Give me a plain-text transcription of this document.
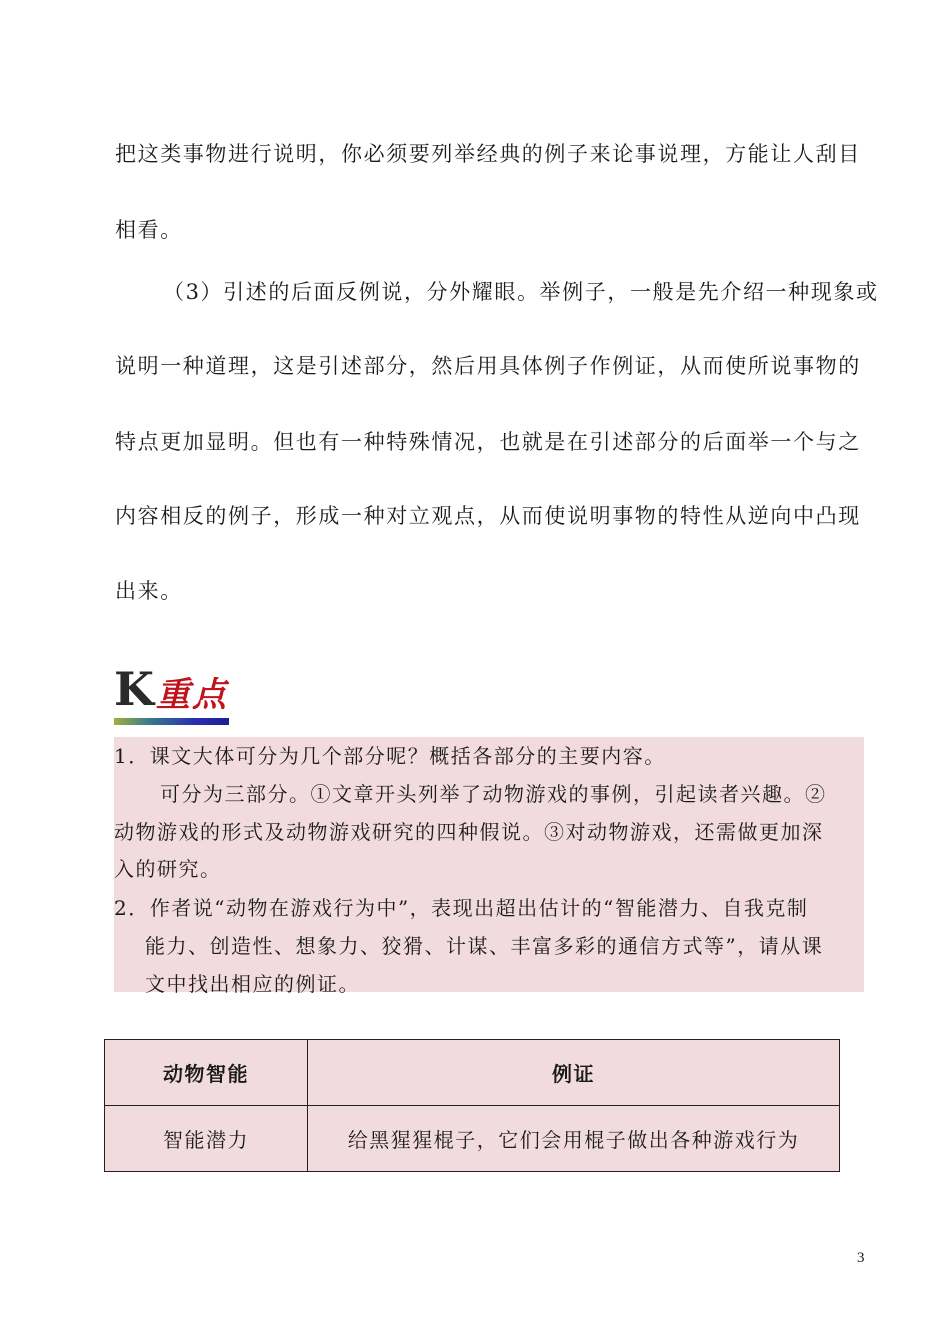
把这类事物进行说明，你必须要列举经典的例子来论事说理，方能让人刮目
相看。
（3）引述的后面反例说，分外耀眼。举例子，一般是先介绍一种现象或
说明一种道理，这是引述部分，然后用具体例子作例证，从而使所说事物的
特点更加显明。但也有一种特殊情况，也就是在引述部分的后面举一个与之
内容相反的例子，形成一种对立观点，从而使说明事物的特性从逆向中凸现
出来。
K 重点
1．课文大体可分为几个部分呢？概括各部分的主要内容。
可分为三部分。①文章开头列举了动物游戏的事例，引起读者兴趣。②
动物游戏的形式及动物游戏研究的四种假说。③对动物游戏，还需做更加深
入的研究。
2．作者说“动物在游戏行为中”，表现出超出估计的“智能潜力、自我克制
能力、创造性、想象力、狡猾、计谋、丰富多彩的通信方式等”，请从课
文中找出相应的例证。
动物智能	例证
智能潜力	给黑猩猩棍子，它们会用棍子做出各种游戏行为
3
